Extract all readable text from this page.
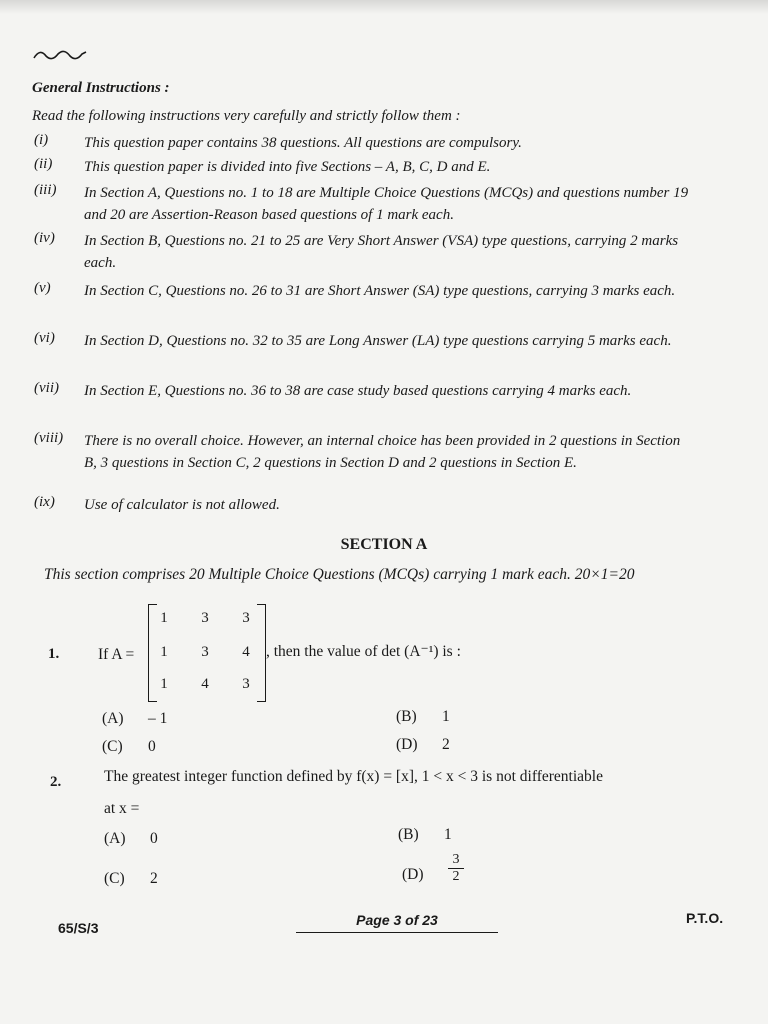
General Instructions :
Read the following instructions very carefully and strictly follow them :
(i) This question paper contains 38 questions. All questions are compulsory.
(ii) This question paper is divided into five Sections – A, B, C, D and E.
(iii) In Section A, Questions no. 1 to 18 are Multiple Choice Questions (MCQs) and questions number 19 and 20 are Assertion-Reason based questions of 1 mark each.
(iv) In Section B, Questions no. 21 to 25 are Very Short Answer (VSA) type questions, carrying 2 marks each.
(v) In Section C, Questions no. 26 to 31 are Short Answer (SA) type questions, carrying 3 marks each.
(vi) In Section D, Questions no. 32 to 35 are Long Answer (LA) type questions carrying 5 marks each.
(vii) In Section E, Questions no. 36 to 38 are case study based questions carrying 4 marks each.
(viii) There is no overall choice. However, an internal choice has been provided in 2 questions in Section B, 3 questions in Section C, 2 questions in Section D and 2 questions in Section E.
(ix) Use of calculator is not allowed.
SECTION A
This section comprises 20 Multiple Choice Questions (MCQs) carrying 1 mark each. 20×1=20
1.	If A =
1	3	3
1	3	4
1	4	3
, then the value of det (A⁻¹) is :
(A) – 1	(B) 1
(C) 0	(D) 2
2.	The greatest integer function defined by f(x) = [x], 1 < x < 3 is not differentiable
at x =
(A) 0	(B) 1
(C) 2	(D)	$\frac{3}{2}$
65/S/3	Page 3 of 23	P.T.O.
